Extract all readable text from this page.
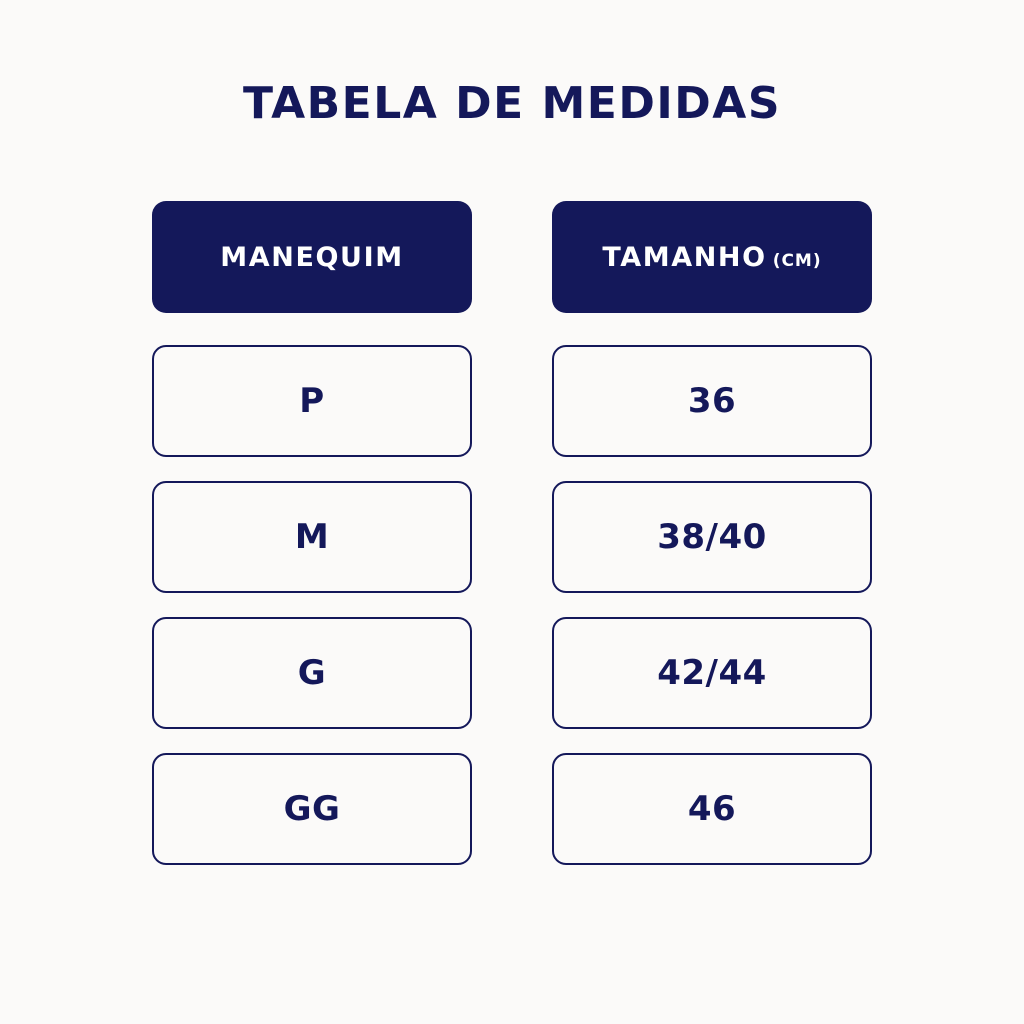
TABELA DE MEDIDAS
MANEQUIM	TAMANHO (CM)
P	36
M	38/40
G	42/44
GG	46
